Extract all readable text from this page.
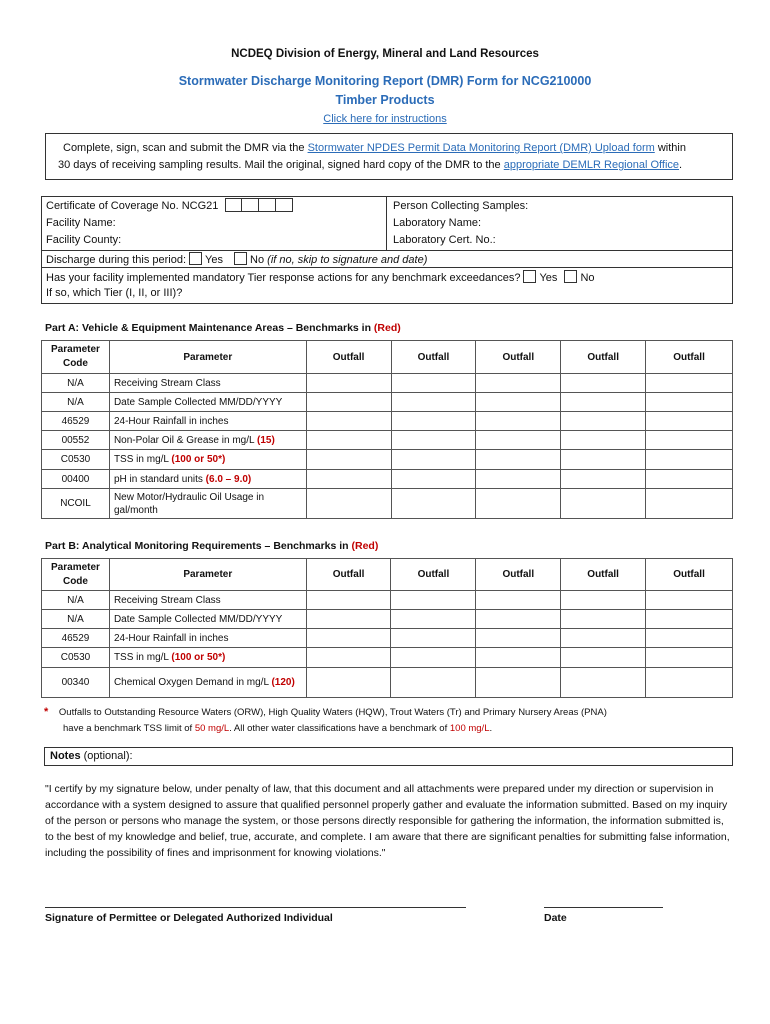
NCDEQ Division of Energy, Mineral and Land Resources
Stormwater Discharge Monitoring Report (DMR) Form for NCG210000
Timber Products
Click here for instructions
Complete, sign, scan and submit the DMR via the Stormwater NPDES Permit Data Monitoring Report (DMR) Upload form within
30 days of receiving sampling results. Mail the original, signed hard copy of the DMR to the appropriate DEMLR Regional Office.
Certificate of Coverage No. NCG21
Facility Name:
Facility County:
Person Collecting Samples:
Laboratory Name:
Laboratory Cert. No.:
Discharge during this period: Yes No (if no, skip to signature and date)
Has your facility implemented mandatory Tier response actions for any benchmark exceedances? Yes No
If so, which Tier (I, II, or III)?
Part A: Vehicle & Equipment Maintenance Areas – Benchmarks in (Red)
Parameter Code	Parameter	Outfall	Outfall	Outfall	Outfall	Outfall
N/A	Receiving Stream Class					
N/A	Date Sample Collected MM/DD/YYYY					
46529	24-Hour Rainfall in inches					
00552	Non-Polar Oil & Grease in mg/L (15)					
C0530	TSS in mg/L (100 or 50*)					
00400	pH in standard units (6.0 – 9.0)					
NCOIL	New Motor/Hydraulic Oil Usage in gal/month					
Part B: Analytical Monitoring Requirements – Benchmarks in (Red)
Parameter Code	Parameter	Outfall	Outfall	Outfall	Outfall	Outfall
N/A	Receiving Stream Class					
N/A	Date Sample Collected MM/DD/YYYY					
46529	24-Hour Rainfall in inches					
C0530	TSS in mg/L (100 or 50*)					
00340	Chemical Oxygen Demand in mg/L (120)					
* Outfalls to Outstanding Resource Waters (ORW), High Quality Waters (HQW), Trout Waters (Tr) and Primary Nursery Areas (PNA)
have a benchmark TSS limit of 50 mg/L. All other water classifications have a benchmark of 100 mg/L.
Notes (optional):
"I certify by my signature below, under penalty of law, that this document and all attachments were prepared under my direction or supervision in accordance with a system designed to assure that qualified personnel properly gather and evaluate the information submitted. Based on my inquiry of the person or persons who manage the system, or those persons directly responsible for gathering the information, the information submitted is, to the best of my knowledge and belief, true, accurate, and complete. I am aware that there are significant penalties for submitting false information, including the possibility of fines and imprisonment for knowing violations."
Signature of Permittee or Delegated Authorized Individual	Date
